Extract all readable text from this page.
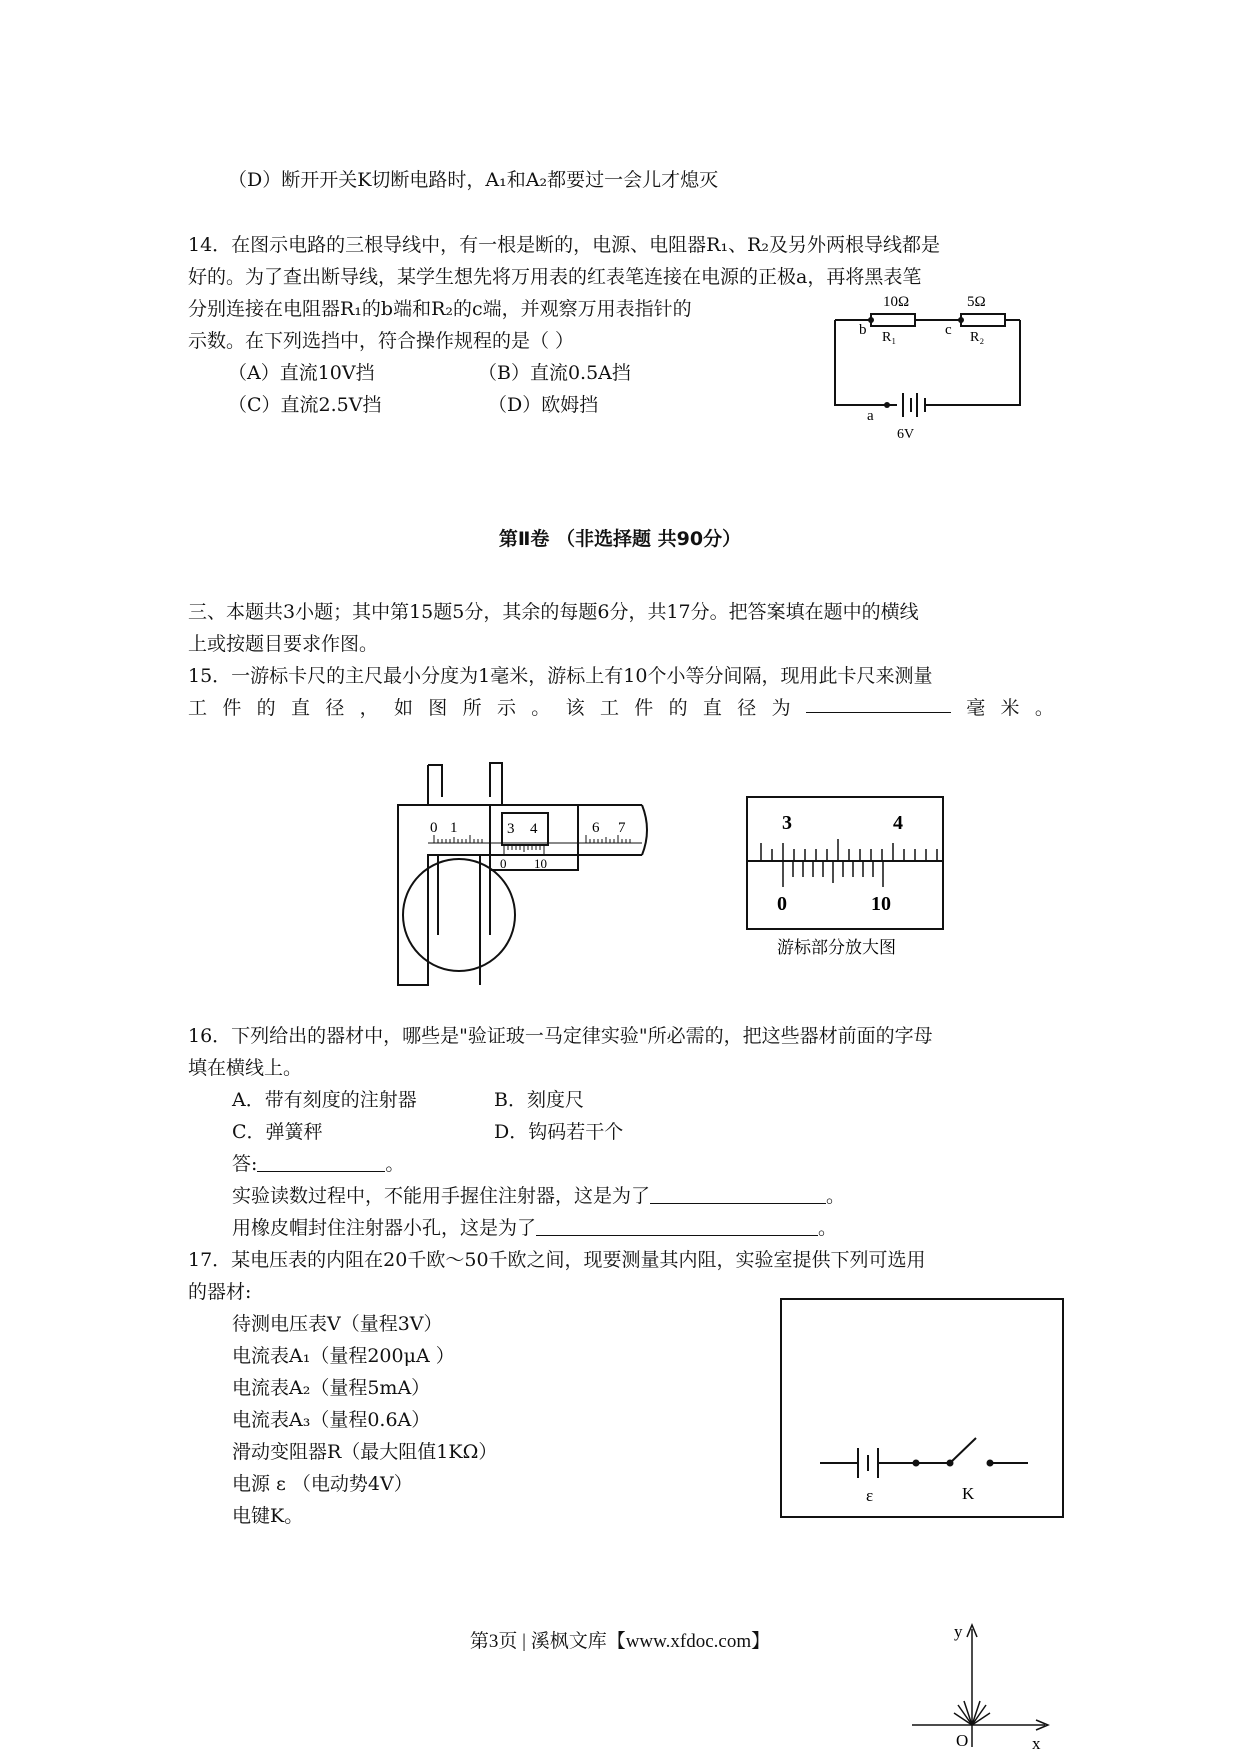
（D）断开开关K切断电路时，A₁和A₂都要过一会儿才熄灭
14．在图示电路的三根导线中，有一根是断的，电源、电阻器R₁、R₂及另外两根导线都是
好的。为了查出断导线，某学生想先将万用表的红表笔连接在电源的正极a，再将黑表笔
分别连接在电阻器R₁的b端和R₂的c端，并观察万用表指针的
示数。在下列选挡中，符合操作规程的是（ ）
（A）直流10V挡	（B）直流0.5A挡
（C）直流2.5V挡	（D）欧姆挡
10Ω	5Ω
b	c
R₁	R₂
a
6V
第Ⅱ卷 （非选择题 共90分）
三、本题共3小题；其中第15题5分，其余的每题6分，共17分。把答案填在题中的横线
上或按题目要求作图。
15．一游标卡尺的主尺最小分度为1毫米，游标上有10个小等分间隔，现用此卡尺来测量
工 件 的 直 径 ， 如 图 所 示 。 该 工 件 的 直 径 为	毫 米 。
0 1	3 4	6 7
0 10
3	4
0	10
游标部分放大图
16．下列给出的器材中，哪些是"验证玻一马定律实验"所必需的，把这些器材前面的字母
填在横线上。
A．带有刻度的注射器	B．刻度尺
C．弹簧秤	D．钩码若干个
答:	。
实验读数过程中，不能用手握住注射器，这是为了	。
用橡皮帽封住注射器小孔，这是为了	。
17．某电压表的内阻在20千欧～50千欧之间，现要测量其内阻，实验室提供下列可选用
的器材:
待测电压表V（量程3V）
电流表A₁（量程200μA ）
电流表A₂（量程5mA）
电流表A₃（量程0.6A）
滑动变阻器R（最大阻值1KΩ）
电源 ε （电动势4V）
电键K。
ε	K
第3页 | 溪枫文库【www.xfdoc.com】	y
x
O
